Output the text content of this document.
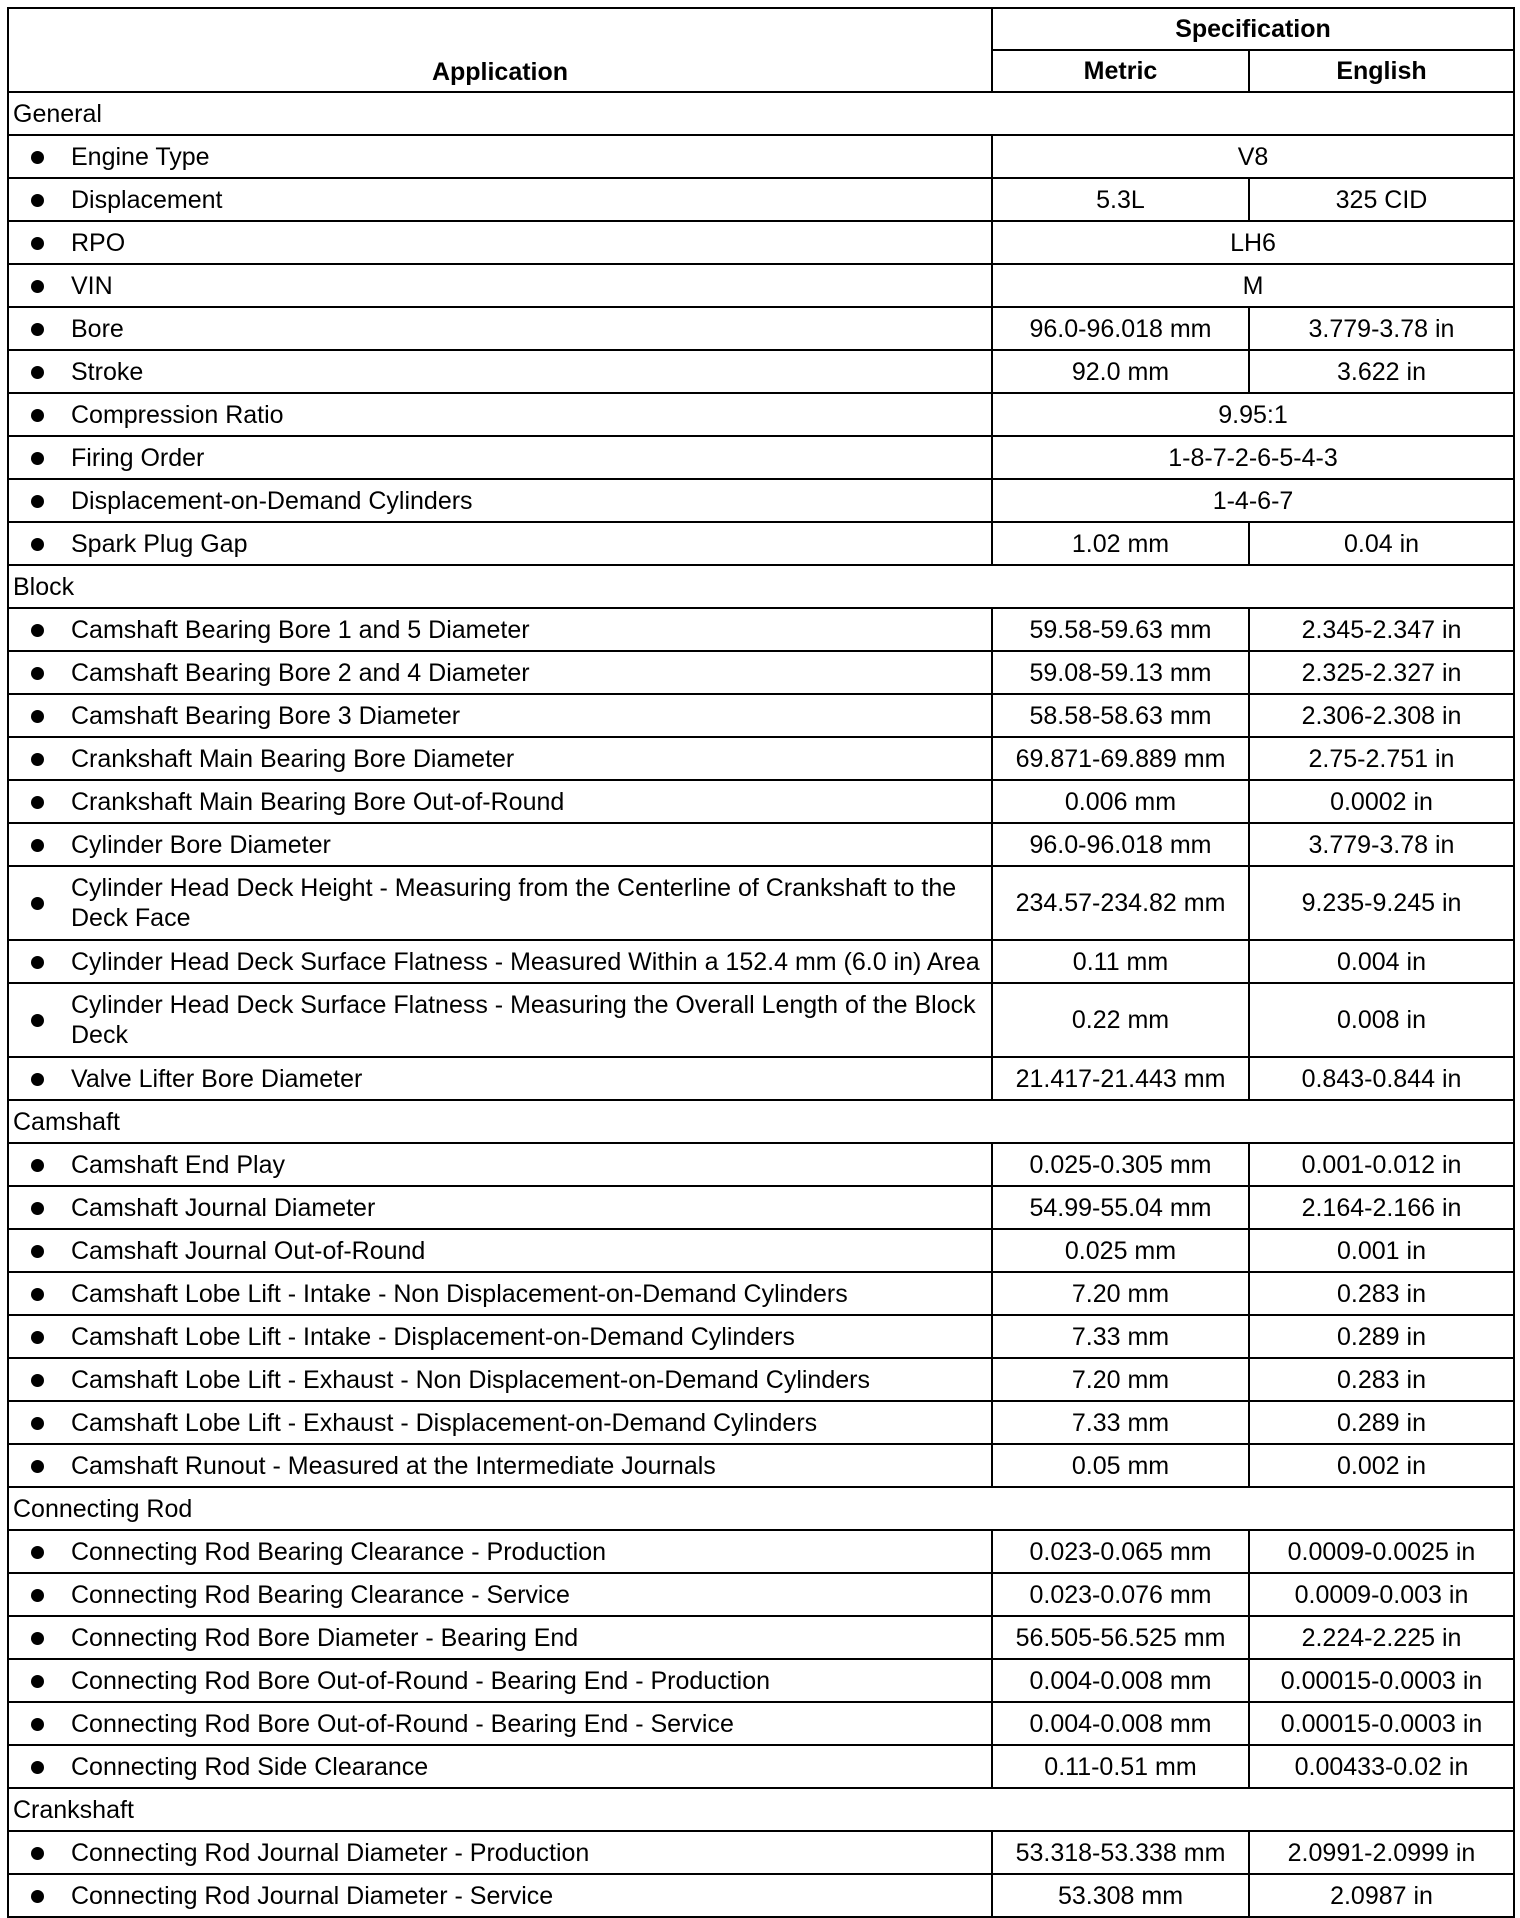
Application	Specification	
	Metric	English
General		

Engine Type	V8	

Displacement	5.3L	325 CID

RPO	LH6	

VIN	M	

Bore	96.0-96.018 mm	3.779-3.78 in

Stroke	92.0 mm	3.622 in

Compression Ratio	9.95:1	

Firing Order	1-8-7-2-6-5-4-3	

Displacement-on-Demand Cylinders	1-4-6-7	

Spark Plug Gap	1.02 mm	0.04 in
Block		

Camshaft Bearing Bore 1 and 5 Diameter	59.58-59.63 mm	2.345-2.347 in

Camshaft Bearing Bore 2 and 4 Diameter	59.08-59.13 mm	2.325-2.327 in

Camshaft Bearing Bore 3 Diameter	58.58-58.63 mm	2.306-2.308 in

Crankshaft Main Bearing Bore Diameter	69.871-69.889 mm	2.75-2.751 in

Crankshaft Main Bearing Bore Out-of-Round	0.006 mm	0.0002 in

Cylinder Bore Diameter	96.0-96.018 mm	3.779-3.78 in

Cylinder Head Deck Height - Measuring from the Centerline of Crankshaft to the Deck Face	234.57-234.82 mm	9.235-9.245 in

Cylinder Head Deck Surface Flatness - Measured Within a 152.4 mm (6.0 in) Area	0.11 mm	0.004 in

Cylinder Head Deck Surface Flatness - Measuring the Overall Length of the Block Deck	0.22 mm	0.008 in

Valve Lifter Bore Diameter	21.417-21.443 mm	0.843-0.844 in
Camshaft		

Camshaft End Play	0.025-0.305 mm	0.001-0.012 in

Camshaft Journal Diameter	54.99-55.04 mm	2.164-2.166 in

Camshaft Journal Out-of-Round	0.025 mm	0.001 in

Camshaft Lobe Lift - Intake - Non Displacement-on-Demand Cylinders	7.20 mm	0.283 in

Camshaft Lobe Lift - Intake - Displacement-on-Demand Cylinders	7.33 mm	0.289 in

Camshaft Lobe Lift - Exhaust - Non Displacement-on-Demand Cylinders	7.20 mm	0.283 in

Camshaft Lobe Lift - Exhaust - Displacement-on-Demand Cylinders	7.33 mm	0.289 in

Camshaft Runout - Measured at the Intermediate Journals	0.05 mm	0.002 in
Connecting Rod		

Connecting Rod Bearing Clearance - Production	0.023-0.065 mm	0.0009-0.0025 in

Connecting Rod Bearing Clearance - Service	0.023-0.076 mm	0.0009-0.003 in

Connecting Rod Bore Diameter - Bearing End	56.505-56.525 mm	2.224-2.225 in

Connecting Rod Bore Out-of-Round - Bearing End - Production	0.004-0.008 mm	0.00015-0.0003 in

Connecting Rod Bore Out-of-Round - Bearing End - Service	0.004-0.008 mm	0.00015-0.0003 in

Connecting Rod Side Clearance	0.11-0.51 mm	0.00433-0.02 in
Crankshaft		

Connecting Rod Journal Diameter - Production	53.318-53.338 mm	2.0991-2.0999 in

Connecting Rod Journal Diameter - Service	53.308 mm	2.0987 in
